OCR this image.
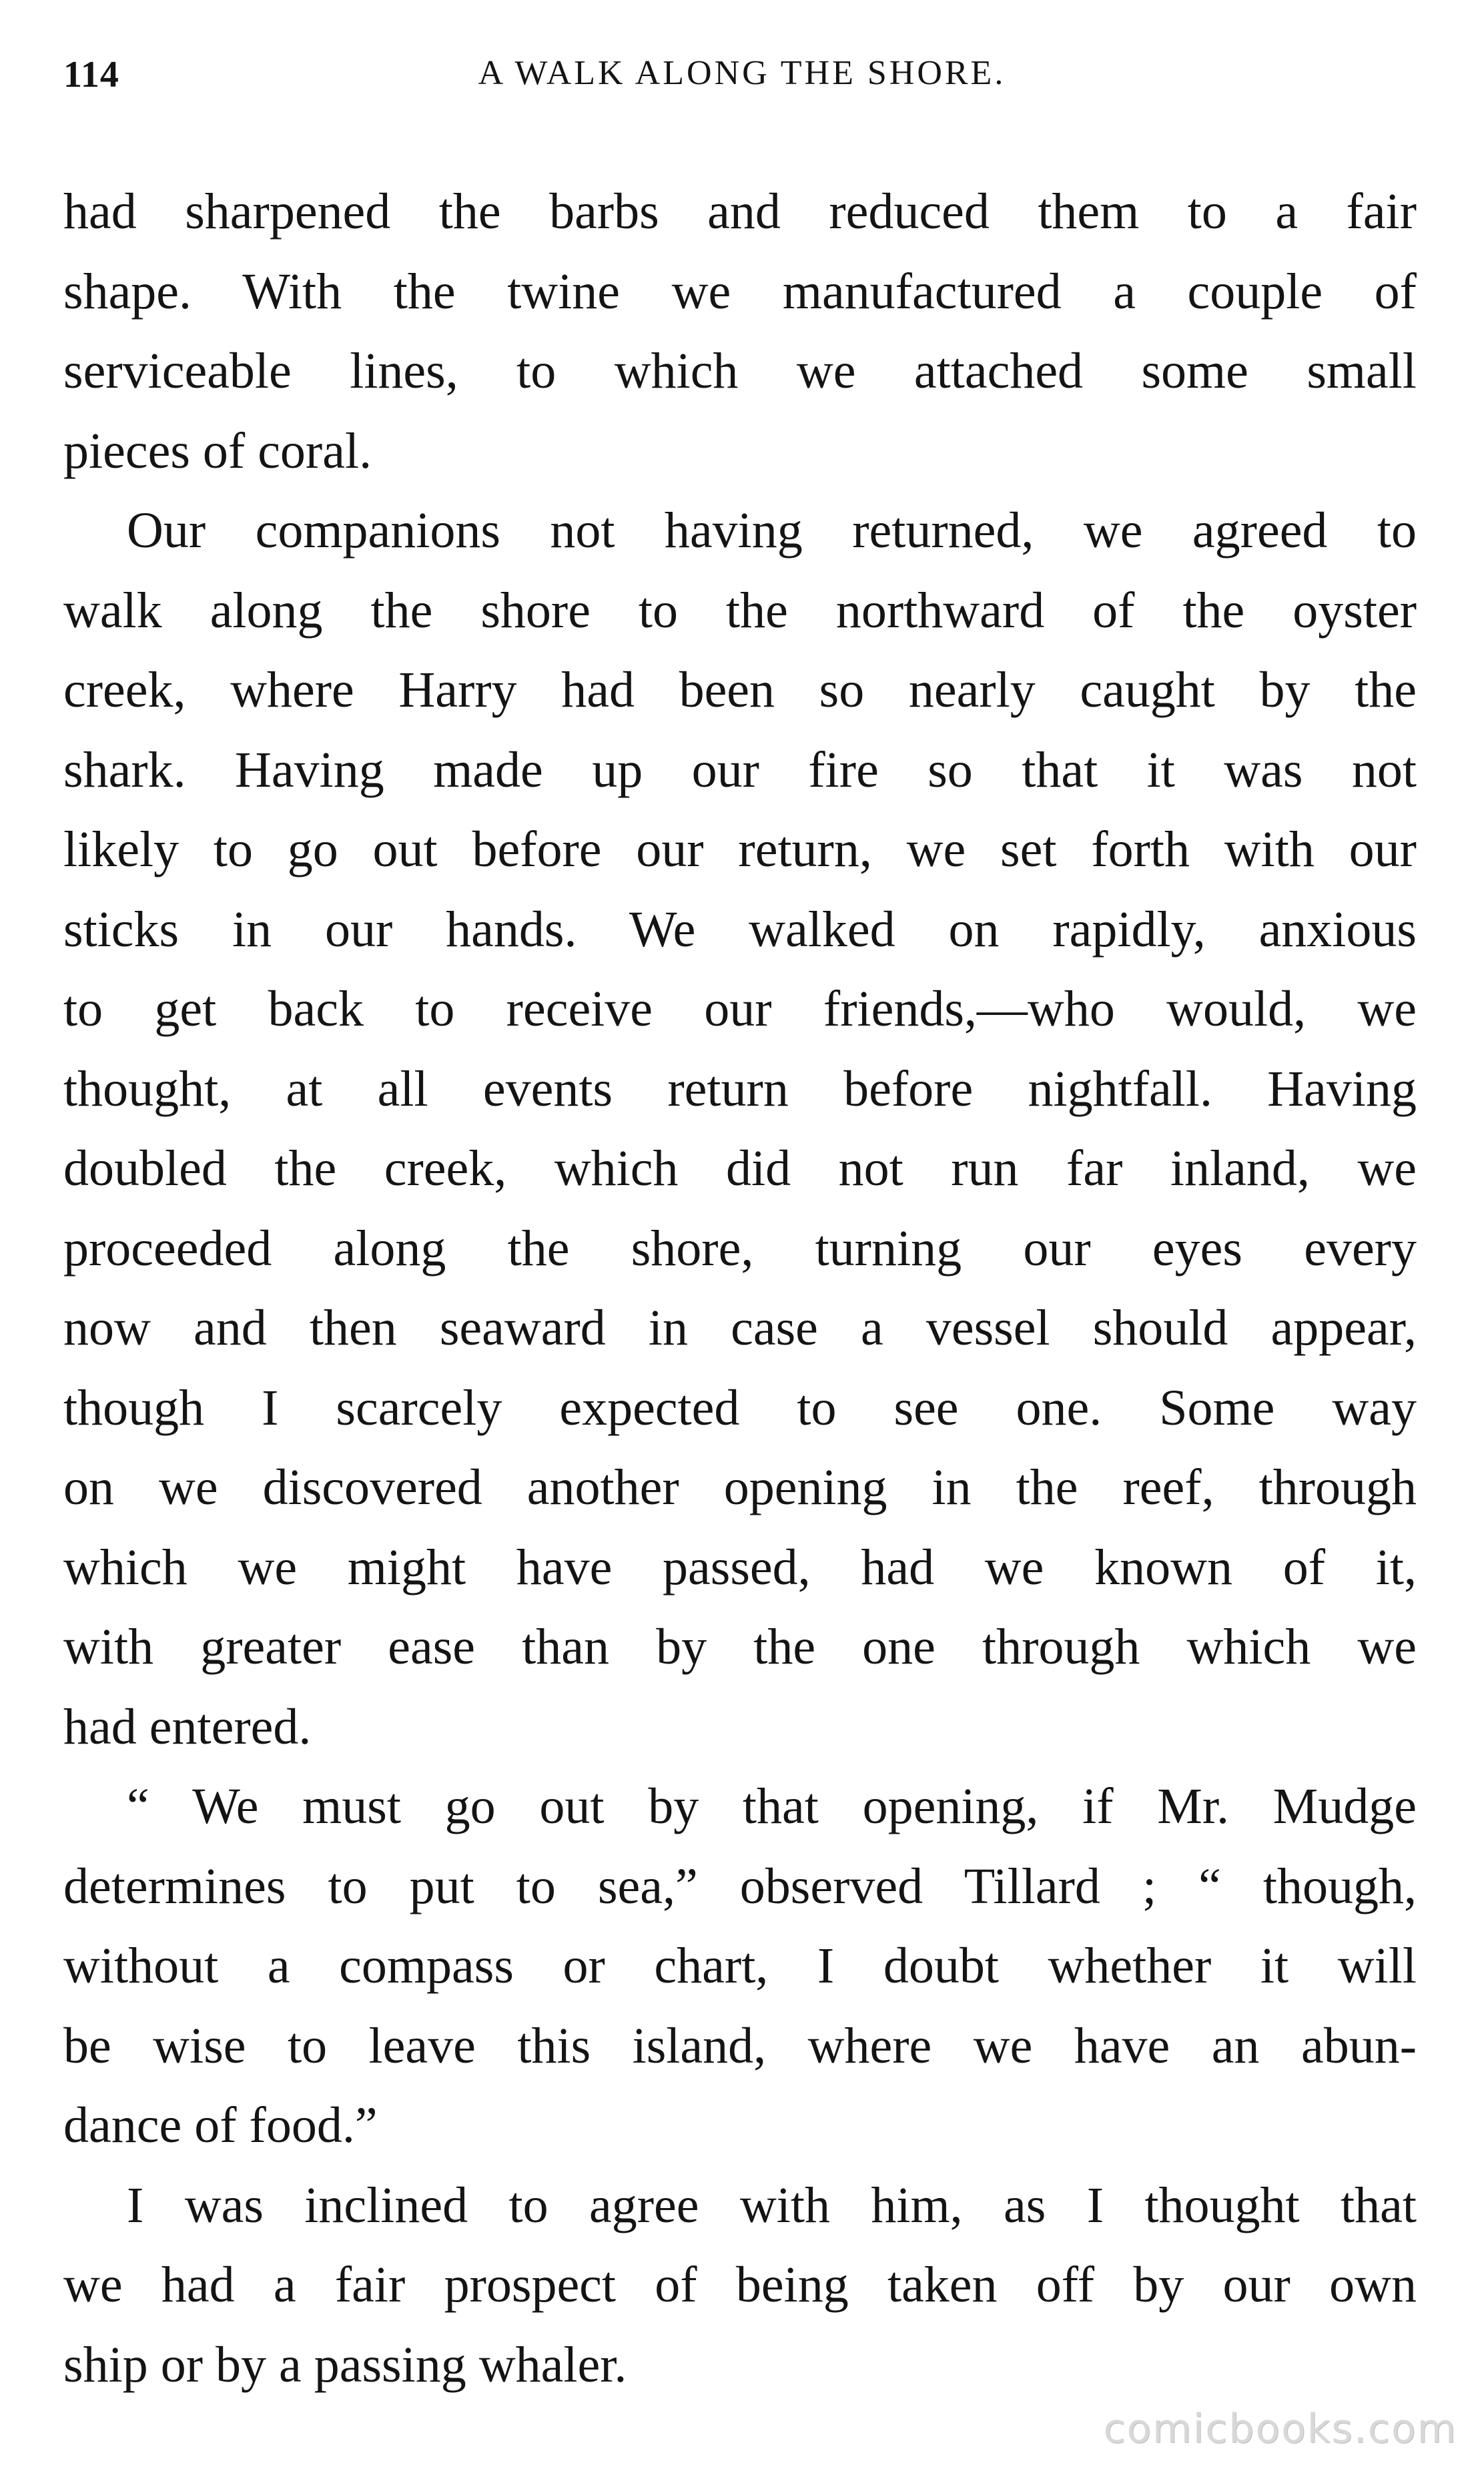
114	A WALK ALONG THE SHORE.

had sharpened the barbs and reduced them to a fair
shape. With the twine we manufactured a couple of
serviceable lines, to which we attached some small
pieces of coral.

Our companions not having returned, we agreed to
walk along the shore to the northward of the oyster
creek, where Harry had been so nearly caught by the
shark. Having made up our fire so that it was not
likely to go out before our return, we set forth with our
sticks in our hands. We walked on rapidly, anxious
to get back to receive our friends,—who would, we
thought, at all events return before nightfall. Having
doubled the creek, which did not run far inland, we
proceeded along the shore, turning our eyes every
now and then seaward in case a vessel should appear,
though I scarcely expected to see one. Some way
on we discovered another opening in the reef, through
which we might have passed, had we known of it,
with greater ease than by the one through which we
had entered.

“ We must go out by that opening, if Mr. Mudge
determines to put to sea,” observed Tillard ; “ though,
without a compass or chart, I doubt whether it will
be wise to leave this island, where we have an abun-
dance of food.”

I was inclined to agree with him, as I thought that
we had a fair prospect of being taken off by our own
ship or by a passing whaler.

comicbooks.com
